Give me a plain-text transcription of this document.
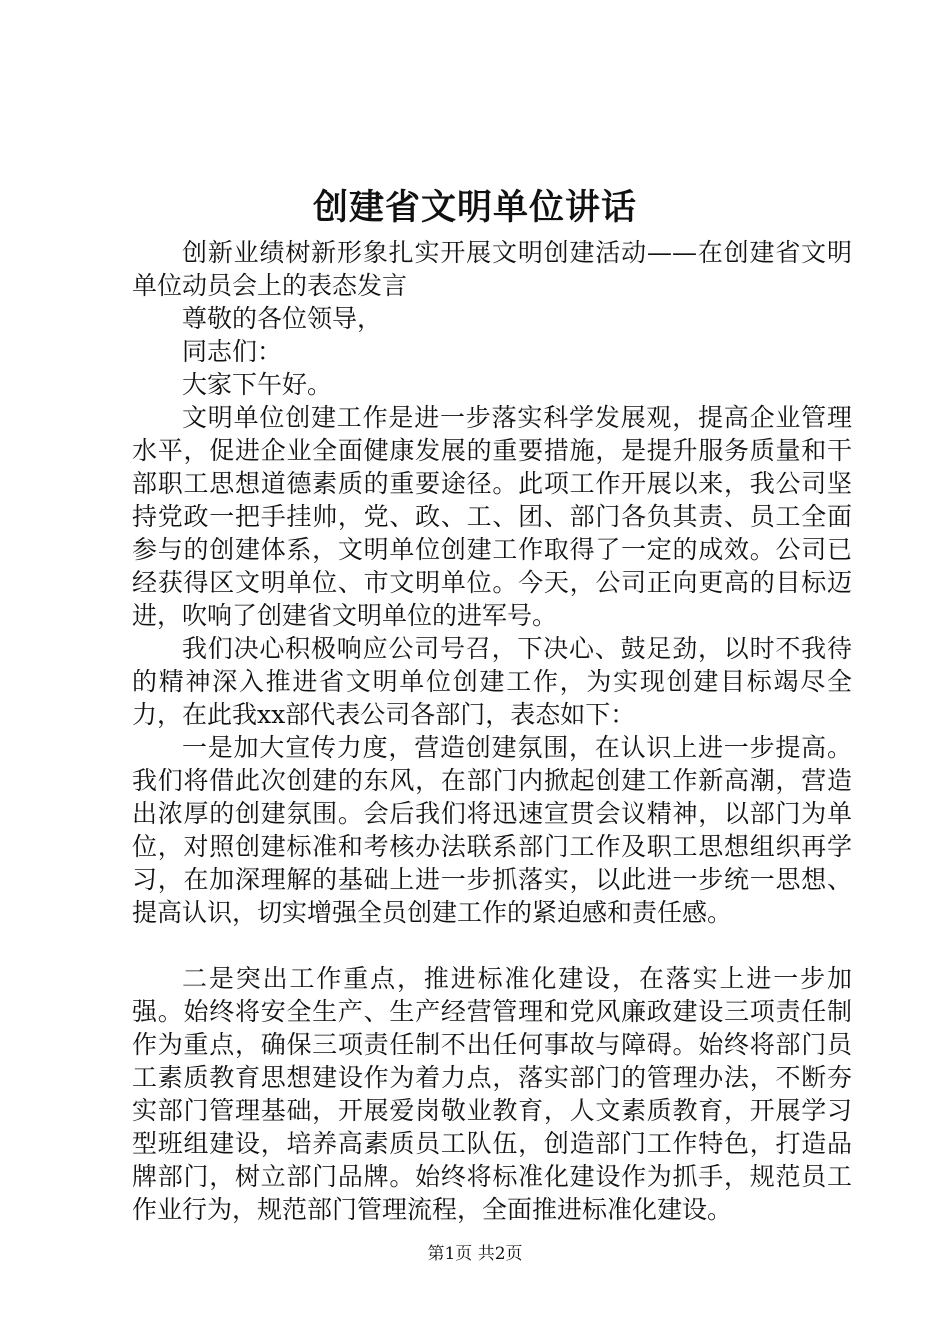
创建省文明单位讲话

创新业绩树新形象扎实开展文明创建活动——在创建省文明单位动员会上的表态发言

尊敬的各位领导，

同志们：

大家下午好。

文明单位创建工作是进一步落实科学发展观，提高企业管理水平，促进企业全面健康发展的重要措施，是提升服务质量和干部职工思想道德素质的重要途径。此项工作开展以来，我公司坚持党政一把手挂帅，党、政、工、团、部门各负其责、员工全面参与的创建体系，文明单位创建工作取得了一定的成效。公司已经获得区文明单位、市文明单位。今天，公司正向更高的目标迈进，吹响了创建省文明单位的进军号。

我们决心积极响应公司号召，下决心、鼓足劲，以时不我待的精神深入推进省文明单位创建工作，为实现创建目标竭尽全力，在此我xx部代表公司各部门，表态如下：

一是加大宣传力度，营造创建氛围，在认识上进一步提高。我们将借此次创建的东风，在部门内掀起创建工作新高潮，营造出浓厚的创建氛围。会后我们将迅速宣贯会议精神，以部门为单位，对照创建标准和考核办法联系部门工作及职工思想组织再学习，在加深理解的基础上进一步抓落实，以此进一步统一思想、提高认识，切实增强全员创建工作的紧迫感和责任感。

二是突出工作重点，推进标准化建设，在落实上进一步加强。始终将安全生产、生产经营管理和党风廉政建设三项责任制作为重点，确保三项责任制不出任何事故与障碍。始终将部门员工素质教育思想建设作为着力点，落实部门的管理办法，不断夯实部门管理基础，开展爱岗敬业教育，人文素质教育，开展学习型班组建设，培养高素质员工队伍，创造部门工作特色，打造品牌部门，树立部门品牌。始终将标准化建设作为抓手，规范员工作业行为，规范部门管理流程，全面推进标准化建设。

第1页 共2页
